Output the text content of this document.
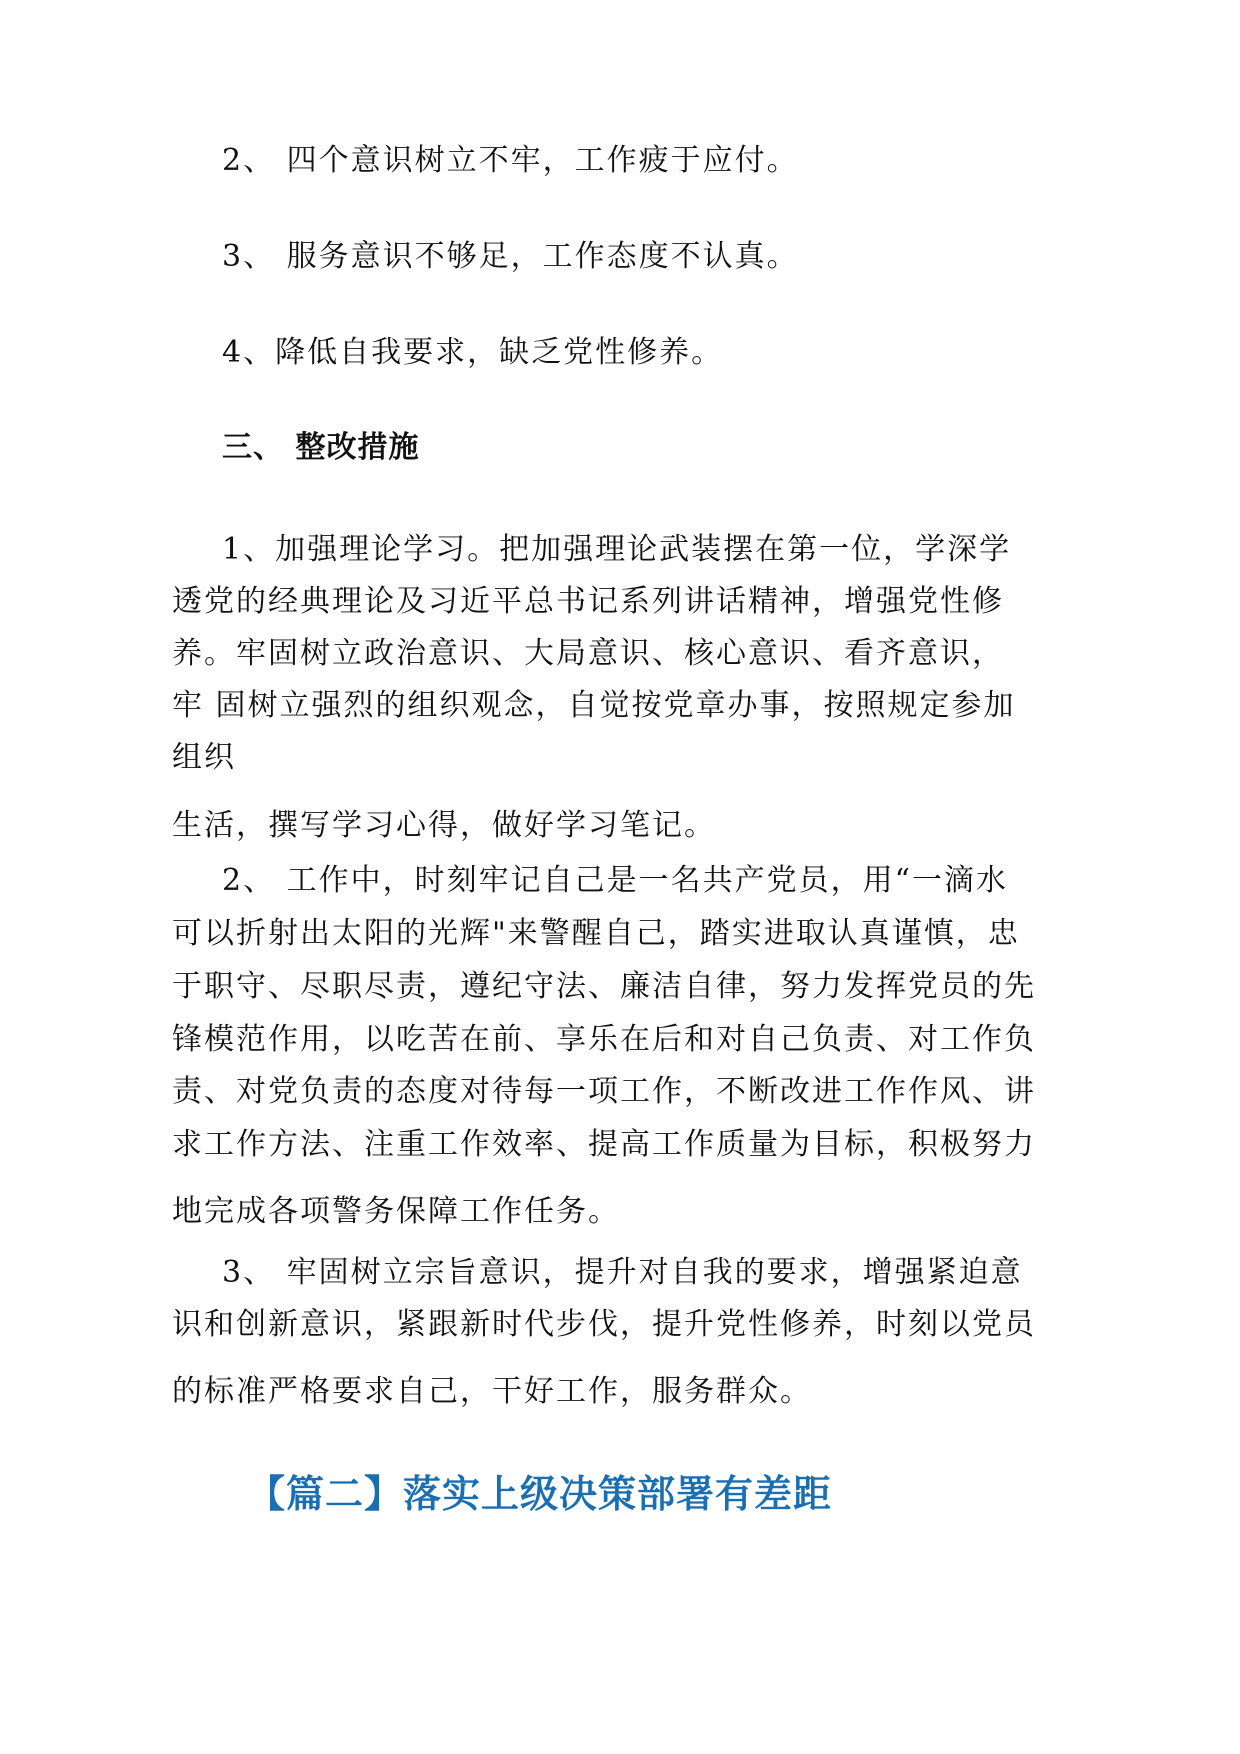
2、 四个意识树立不牢，工作疲于应付。

3、 服务意识不够足，工作态度不认真。

4、降低自我要求，缺乏党性修养。

三、 整改措施

1、加强理论学习。把加强理论武装摆在第一位，学深学

透党的经典理论及习近平总书记系列讲话精神，增强党性修

养。牢固树立政治意识、大局意识、核心意识、看齐意识，

牢 固树立强烈的组织观念，自觉按党章办事，按照规定参加

组织

生活，撰写学习心得，做好学习笔记。

2、 工作中，时刻牢记自己是一名共产党员，用“一滴水

可以折射出太阳的光辉"来警醒自己，踏实进取认真谨慎，忠

于职守、尽职尽责，遵纪守法、廉洁自律，努力发挥党员的先

锋模范作用，以吃苦在前、享乐在后和对自己负责、对工作负

责、对党负责的态度对待每一项工作，不断改进工作作风、讲

求工作方法、注重工作效率、提高工作质量为目标，积极努力

地完成各项警务保障工作任务。

3、 牢固树立宗旨意识，提升对自我的要求，增强紧迫意

识和创新意识，紧跟新时代步伐，提升党性修养，时刻以党员

的标准严格要求自己，干好工作，服务群众。

【篇二】落实上级决策部署有差距
